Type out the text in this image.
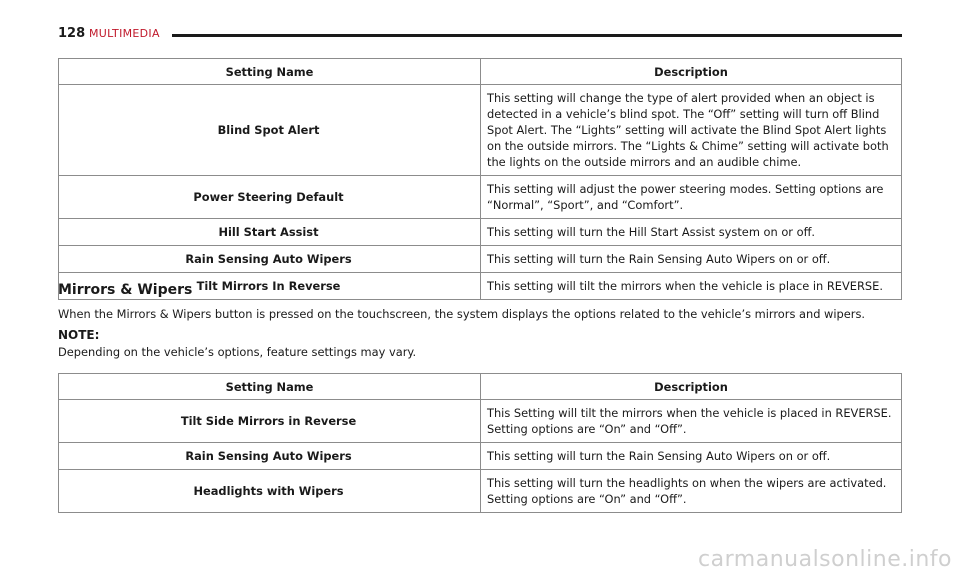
128 MULTIMEDIA
Setting Name	Description
Blind Spot Alert	This setting will change the type of alert provided when an object is detected in a vehicle’s blind spot. The “Off” setting will turn off Blind Spot Alert. The “Lights” setting will activate the Blind Spot Alert lights on the outside mirrors. The “Lights & Chime” setting will activate both the lights on the outside mirrors and an audible chime.
Power Steering Default	This setting will adjust the power steering modes. Setting options are “Normal”, “Sport”, and “Comfort”.
Hill Start Assist	This setting will turn the Hill Start Assist system on or off.
Rain Sensing Auto Wipers	This setting will turn the Rain Sensing Auto Wipers on or off.
Tilt Mirrors In Reverse	This setting will tilt the mirrors when the vehicle is place in REVERSE.
Mirrors & Wipers
When the Mirrors & Wipers button is pressed on the touchscreen, the system displays the options related to the vehicle’s mirrors and wipers.
NOTE:
Depending on the vehicle’s options, feature settings may vary.
Setting Name	Description
Tilt Side Mirrors in Reverse	This Setting will tilt the mirrors when the vehicle is placed in REVERSE. Setting options are “On” and “Off”.
Rain Sensing Auto Wipers	This setting will turn the Rain Sensing Auto Wipers on or off.
Headlights with Wipers	This setting will turn the headlights on when the wipers are activated. Setting options are “On” and “Off”.
carmanualsonline.info
